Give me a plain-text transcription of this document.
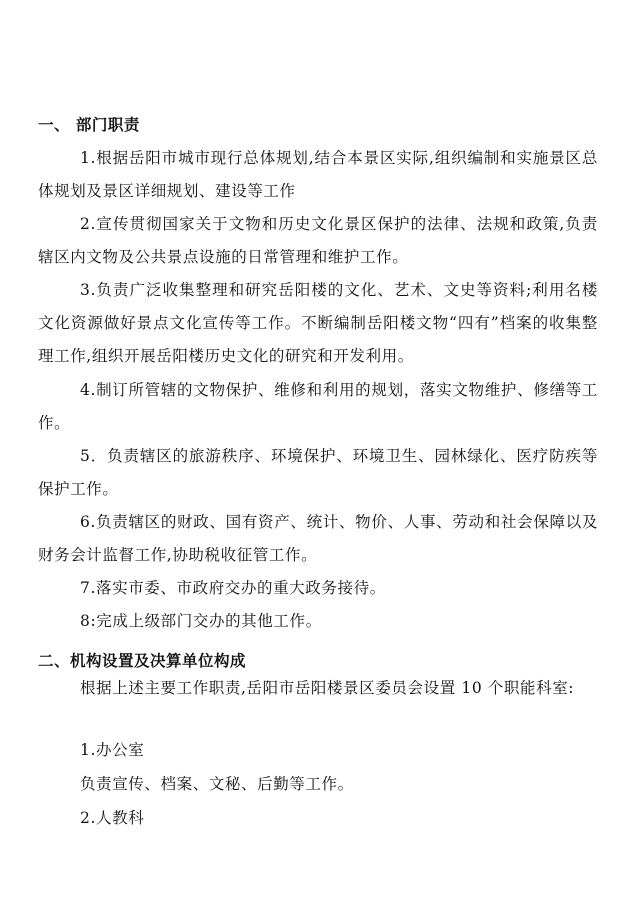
一、 部门职责

1.根据岳阳市城市现行总体规划,结合本景区实际,组织编制和实施景区总体规划及景区详细规划、建设等工作

2.宣传贯彻国家关于文物和历史文化景区保护的法律、法规和政策,负责辖区内文物及公共景点设施的日常管理和维护工作。

3.负责广泛收集整理和研究岳阳楼的文化、艺术、文史等资料;利用名楼文化资源做好景点文化宣传等工作。不断编制岳阳楼文物“四有”档案的收集整理工作,组织开展岳阳楼历史文化的研究和开发利用。

4.制订所管辖的文物保护、维修和利用的规划，落实文物维护、修缮等工作。

5．负责辖区的旅游秩序、环境保护、环境卫生、园林绿化、医疗防疾等保护工作。

6.负责辖区的财政、国有资产、统计、物价、人事、劳动和社会保障以及财务会计监督工作,协助税收征管工作。

7.落实市委、市政府交办的重大政务接待。

8:完成上级部门交办的其他工作。

二、机构设置及决算单位构成

根据上述主要工作职责,岳阳市岳阳楼景区委员会设置 10 个职能科室:

1.办公室
负责宣传、档案、文秘、后勤等工作。
2.人教科
